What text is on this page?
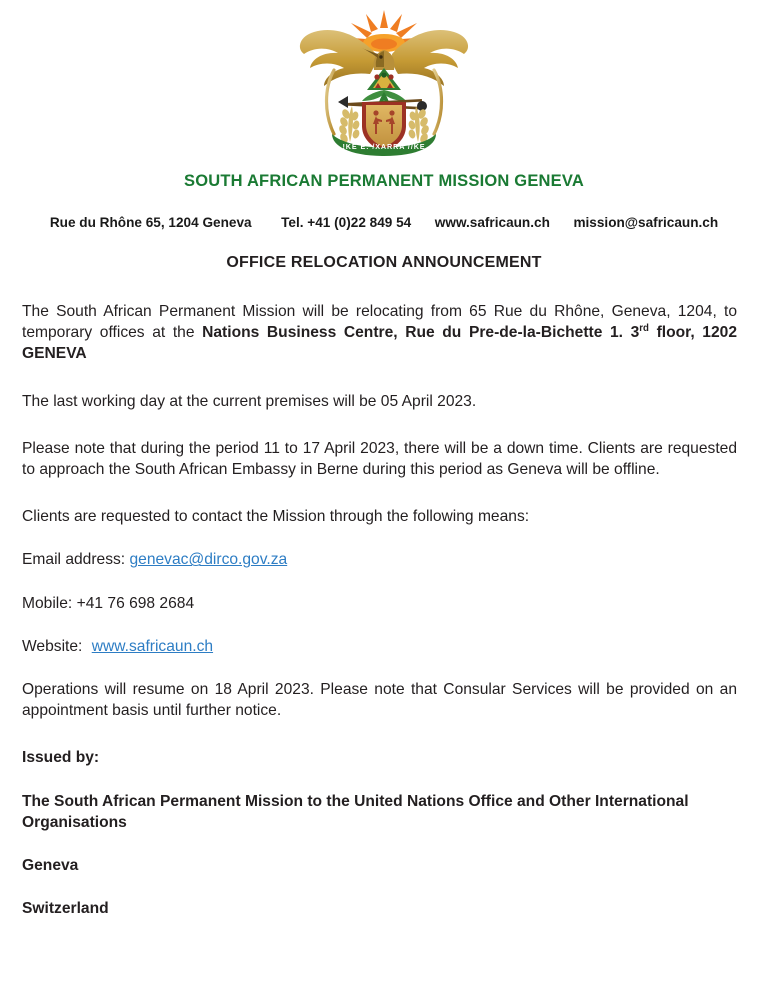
!KE E: /XARRA //KE
SOUTH AFRICAN PERMANENT MISSION GENEVA
Rue du Rhône 65, 1204 Geneva Tel. +41 (0)22 849 54 www.safricaun.ch mission@safricaun.ch
OFFICE RELOCATION ANNOUNCEMENT

The South African Permanent Mission will be relocating from 65 Rue du Rhône, Geneva, 1204, to temporary offices at the Nations Business Centre, Rue du Pre-de-la-Bichette 1. 3rd floor, 1202 GENEVA

The last working day at the current premises will be 05 April 2023.

Please note that during the period 11 to 17 April 2023, there will be a down time. Clients are requested to approach the South African Embassy in Berne during this period as Geneva will be offline.

Clients are requested to contact the Mission through the following means:

Email address: genevac@dirco.gov.za

Mobile: +41 76 698 2684

Website: www.safricaun.ch

Operations will resume on 18 April 2023. Please note that Consular Services will be provided on an appointment basis until further notice.

Issued by:

The South African Permanent Mission to the United Nations Office and Other International Organisations

Geneva

Switzerland
